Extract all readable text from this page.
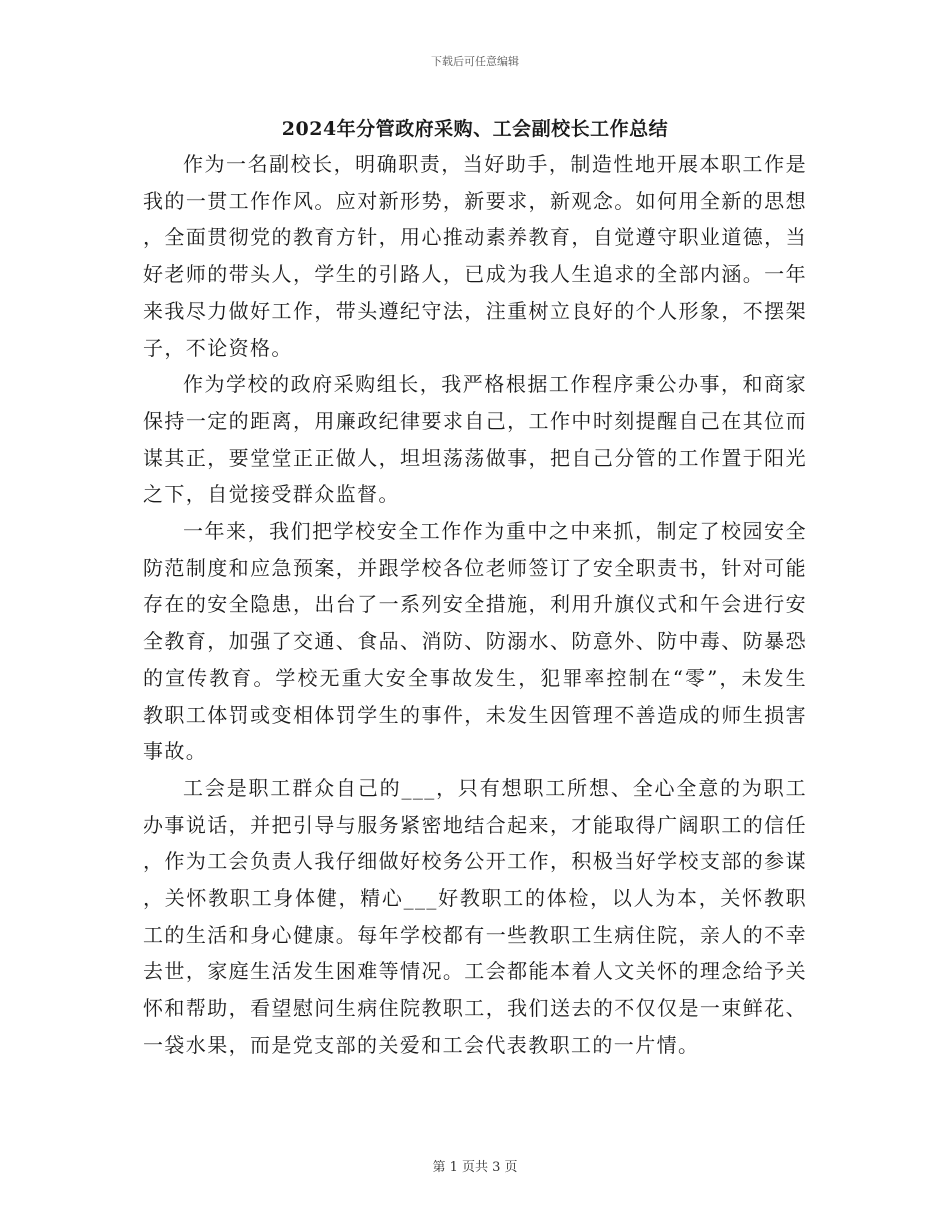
下载后可任意编辑
2024年分管政府采购、工会副校长工作总结

作为一名副校长，明确职责，当好助手，制造性地开展本职工作是我的一贯工作作风。应对新形势，新要求，新观念。如何用全新的思想，全面贯彻党的教育方针，用心推动素养教育，自觉遵守职业道德，当好老师的带头人，学生的引路人，已成为我人生追求的全部内涵。一年来我尽力做好工作，带头遵纪守法，注重树立良好的个人形象，不摆架子，不论资格。

作为学校的政府采购组长，我严格根据工作程序秉公办事，和商家保持一定的距离，用廉政纪律要求自己，工作中时刻提醒自己在其位而谋其正，要堂堂正正做人，坦坦荡荡做事，把自己分管的工作置于阳光之下，自觉接受群众监督。

一年来，我们把学校安全工作作为重中之中来抓，制定了校园安全防范制度和应急预案，并跟学校各位老师签订了安全职责书，针对可能存在的安全隐患，出台了一系列安全措施，利用升旗仪式和午会进行安全教育，加强了交通、食品、消防、防溺水、防意外、防中毒、防暴恐的宣传教育。学校无重大安全事故发生，犯罪率控制在“零”，未发生教职工体罚或变相体罚学生的事件，未发生因管理不善造成的师生损害事故。

工会是职工群众自己的___，只有想职工所想、全心全意的为职工办事说话，并把引导与服务紧密地结合起来，才能取得广阔职工的信任，作为工会负责人我仔细做好校务公开工作，积极当好学校支部的参谋，关怀教职工身体健，精心___好教职工的体检，以人为本，关怀教职工的生活和身心健康。每年学校都有一些教职工生病住院，亲人的不幸去世，家庭生活发生困难等情况。工会都能本着人文关怀的理念给予关怀和帮助，看望慰问生病住院教职工，我们送去的不仅仅是一束鲜花、一袋水果，而是党支部的关爱和工会代表教职工的一片情。

第 1 页共 3 页
